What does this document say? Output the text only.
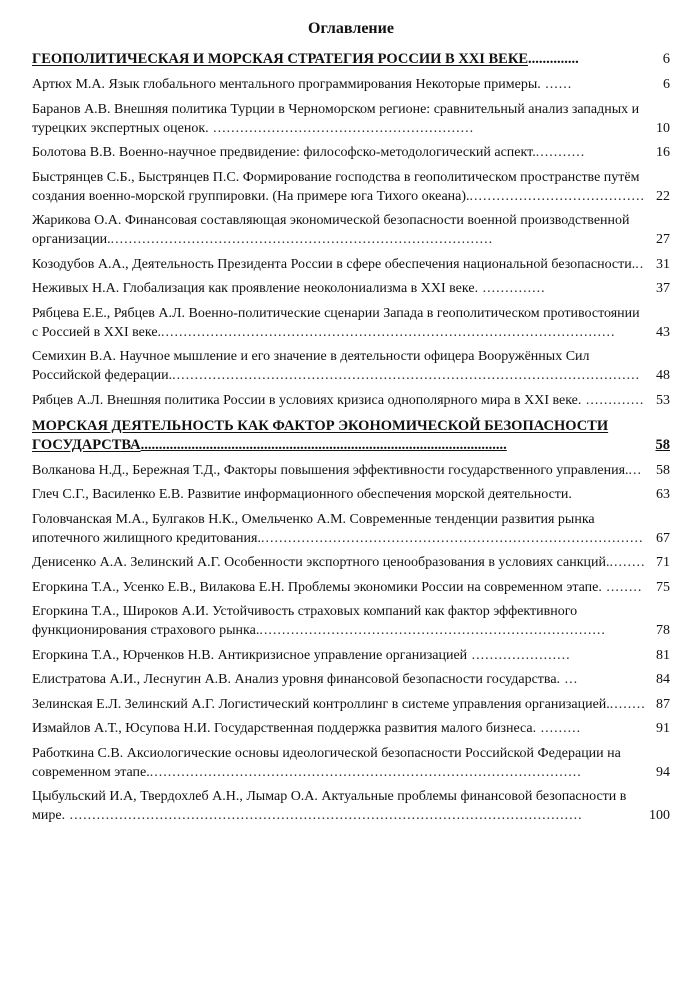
Оглавление
ГЕОПОЛИТИЧЕСКАЯ И МОРСКАЯ СТРАТЕГИЯ РОССИИ В XXI ВЕКЕ..............	6
Артюх М.А. Язык глобального ментального программирования Некоторые примеры. ......	6
Баранов А.В. Внешняя политика Турции в Черноморском регионе: сравнительный анализ западных и турецких экспертных оценок. ..........................................................	10
Болотова В.В. Военно-научное предвидение: философско-методологический аспект............	16
Быстрянцев С.Б., Быстрянцев П.С. Формирование господства в геополитическом пространстве путём создания военно-морской группировки. (На примере юга Тихого океана)........................................ 22
Жарикова О.А. Финансовая составляющая экономической безопасности военной производственной организации......................................................................................	27
Козодубов А.А., Деятельность Президента России в сфере обеспечения национальной безопасности... 31
Неживых Н.А. Глобализация как проявление неоколониализма в XXI веке. ..............	37
Рябцева Е.Е., Рябцев А.Л. Военно-политические сценарии Запада в геополитическом противостоянии с Россией в XXI веке......................................................................................................	43
Семихин В.А. Научное мышление и его значение в деятельности офицера Вооружённых Сил Российской федерации......................................................................................................... 48
Рябцев А.Л. Внешняя политика России в условиях кризиса однополярного мира в XXI веке. ............. 53
МОРСКАЯ ДЕЯТЕЛЬНОСТЬ КАК ФАКТОР ЭКОНОМИЧЕСКОЙ БЕЗОПАСНОСТИ ГОСУДАРСТВА.....................................................................................................	58
Волканова Н.Д., Бережная Т.Д., Факторы повышения эффективности государственного управления.... 58
Глеч С.Г., Василенко Е.В. Развитие информационного обеспечения морской деятельности.	63
Головчанская М.А., Булгаков Н.К., Омельченко А.М. Современные тенденции развития рынка ипотечного жилищного кредитования...................................................................................... 67
Денисенко А.А. Зелинский А.Г. Особенности экспортного ценообразования в условиях санкций......... 71
Егоркина Т.А., Усенко Е.В., Вилакова Е.Н. Проблемы экономики России на современном этапе. ........ 75
Егоркина Т.А., Широков А.И. Устойчивость страховых компаний как фактор эффективного функционирования страхового рынка..............................................................................	78
Егоркина Т.А., Юрченков Н.В. Антикризисное управление организацией ......................	81
Елистратова А.И., Леснугин А.В. Анализ уровня финансовой безопасности государства. ...	84
Зелинская Е.Л. Зелинский А.Г. Логистический контроллинг в системе управления организацией......... 87
Измайлов А.Т., Юсупова Н.И. Государственная поддержка развития малого бизнеса. .........	91
Работкина С.В. Аксиологические основы идеологической безопасности Российской Федерации на современном этапе.................................................................................................	94
Цыбульский И.А, Твердохлеб А.Н., Лымар О.А. Актуальные проблемы финансовой безопасности в мире. ..................................................................................................................	100
